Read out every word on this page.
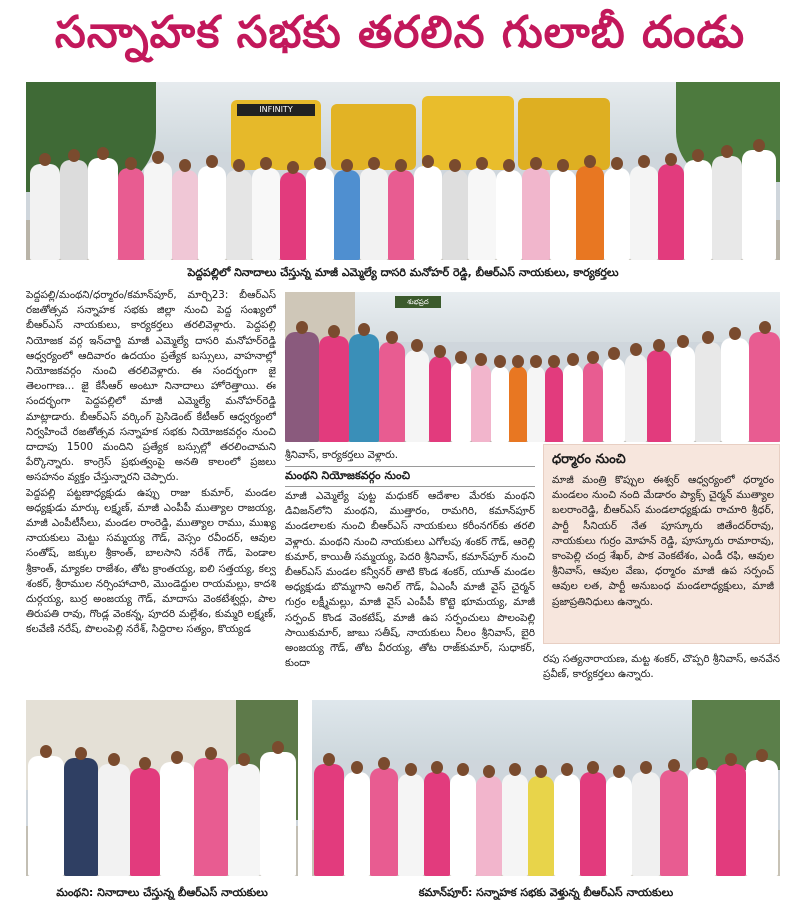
సన్నాహక సభకు తరలిన గులాబీ దండు
INFINITY
పెద్దపల్లిలో నినాదాలు చేస్తున్న మాజీ ఎమ్మెల్యే దాసరి మనోహర్ రెడ్డి, బీఆర్ఎస్ నాయకులు, కార్యకర్తలు

పెద్దపల్లి/మంథని/ధర్మారం/కమాన్‌పూర్, మార్చి23: బీఆర్ఎస్ రజతోత్సవ సన్నాహక సభకు జిల్లా నుంచి పెద్ద సంఖ్యలో బీఆర్ఎస్ నాయకులు, కార్యకర్తలు తరలివెళ్లారు. పెద్దపల్లి నియోజక వర్గ ఇన్‌చార్జి మాజీ ఎమ్మెల్యే దాసరి మనోహర్‌రెడ్డి ఆధ్వర్యంలో ఆదివారం ఉదయం ప్రత్యేక బస్సులు, వాహనాల్లో నియోజకవర్గం నుంచి తరలివెళ్లారు. ఈ సందర్భంగా జై తెలంగాణ... జై కేసీఆర్ అంటూ నినాదాలు హోరెత్తాయి. ఈ సందర్భంగా పెద్దపల్లిలో మాజీ ఎమ్మెల్యే మనోహర్‌రెడ్డి మాట్లాడారు. బీఆర్ఎస్ వర్కింగ్ ప్రెసిడెంట్ కేటీఆర్ ఆధ్వర్యంలో నిర్వహించే రజతోత్సవ సన్నాహక సభకు నియోజకవర్గం నుంచి దాదాపు 1500 మందిని ప్రత్యేక బస్సుల్లో తరలించామని పేర్కొన్నారు. కాంగ్రెస్ ప్రభుత్వంపై అనతి కాలంలో ప్రజలు అసహనం వ్యక్తం చేస్తున్నారని చెప్పారు.

పెద్దపల్లి పట్టణాధ్యక్షుడు ఉప్పు రాజు కుమార్, మండల అధ్యక్షుడు మార్కు లక్ష్మణ్, మాజీ ఎంపీపీ ముత్యాల రాజయ్య, మాజీ ఎంపీటీసీలు, మండల రాంరెడ్డి, ముత్యాల రాము, ముఖ్య నాయకులు మెట్టు సమ్మయ్య గౌడ్, వెస్సం రవీందర్, ఆవుల సంతోష్, జక్కుల శ్రీకాంత్, బాలసాని నరేశ్ గౌడ్, పెండాల శ్రీకాంత్, మ్యాకల రాజేశం, తోట క్రాంతయ్య, ఐలి సత్తయ్య, కల్వ శంకర్, శ్రీరాముల నర్సింహాచారి, మొండెద్దుల రాయమల్లు, కాదశి దుర్గయ్య, బుర్ర అంజయ్య గౌడ్, మాదాసు వెంకటేశ్వర్లు, పాల తిరుపతి రావు, గొండ్ల వెంకన్న, పూదరి మల్లేశం, కుమ్మరి లక్ష్మణ్, కలవేణి నరేష్, పొలంపెల్లి నరేశ్, సిద్దిరాల సత్యం, కొయ్యడ

శుభప్రద
శ్రీనివాస్, కార్యకర్తలు వెళ్లారు.
మంథని నియోజకవర్గం నుంచి
మాజీ ఎమ్మెల్యే పుట్ట మధుకర్ ఆదేశాల మేరకు మంథని డివిజన్‌లోని మంథని, ముత్తారం, రామగిరి, కమాన్‌పూర్ మండలాలకు నుంచి బీఆర్ఎస్ నాయకులు కరీంనగర్‌కు తరలి వెళ్లారు. మంథని నుంచి నాయకులు ఎగోలపు శంకర్ గౌడ్, ఆరెల్లి కుమార్, కాయితీ సమ్మయ్య, పెదరి శ్రీనివాస్, కమాన్‌పూర్ నుంచి బీఆర్ఎస్ మండల కన్వీనర్ తాటి కొండ శంకర్, యూత్ మండల అధ్యక్షుడు బొమ్మగాని అనిల్ గౌడ్, ఏఎంసీ మాజీ వైస్ చైర్మన్ గుర్రం లక్ష్మీమల్లు, మాజీ వైస్ ఎంపీపీ కొట్టె భూమయ్య, మాజీ సర్పంచ్ కొండ వెంకటేష్, మాజీ ఉప సర్పంచులు పొలంపెల్లి సాయికుమార్, జాబు సతీష్, నాయకులు నీలం శ్రీనివాస్, బైరి అంజయ్య గౌడ్, తోట వీరయ్య, తోట రాజ్‌కుమార్, సుధాకర్, కుందా
ధర్మారం నుంచి
మాజీ మంత్రి కొప్పుల ఈశ్వర్ ఆధ్వర్యంలో ధర్మారం మండలం నుంచి నంది మేడారం ప్యాక్స్ చైర్మన్ ముత్యాల బలరాంరెడ్డి, బీఆర్ఎస్ మండలాధ్యక్షుడు రాచూరి శ్రీధర్, పార్టీ సీనియర్ నేత పూస్కూరు జితేందర్‌రావు, నాయకులు గుర్రం మోహన్ రెడ్డి, పూస్కూరు రామారావు, కాంపెల్లి చంద్ర శేఖర్, పాక వెంకటేశం, ఎండీ రఫి, ఆవుల శ్రీనివాస్, ఆవుల వేణు, ధర్మారం మాజీ ఉప సర్పంచ్ ఆవుల లత, పార్టీ అనుబంధ మండలాధ్యక్షులు, మాజీ ప్రజాప్రతినిధులు ఉన్నారు.
రపు సత్యనారాయణ, మట్ట శంకర్, చొప్పరి శ్రీనివాస్, అనవేన ప్రవీణ్, కార్యకర్తలు ఉన్నారు.
మంథని: నినాదాలు చేస్తున్న బీఆర్ఎస్ నాయకులు	కమాన్‌పూర్: సన్నాహక సభకు వెళ్తున్న బీఆర్ఎస్ నాయకులు
